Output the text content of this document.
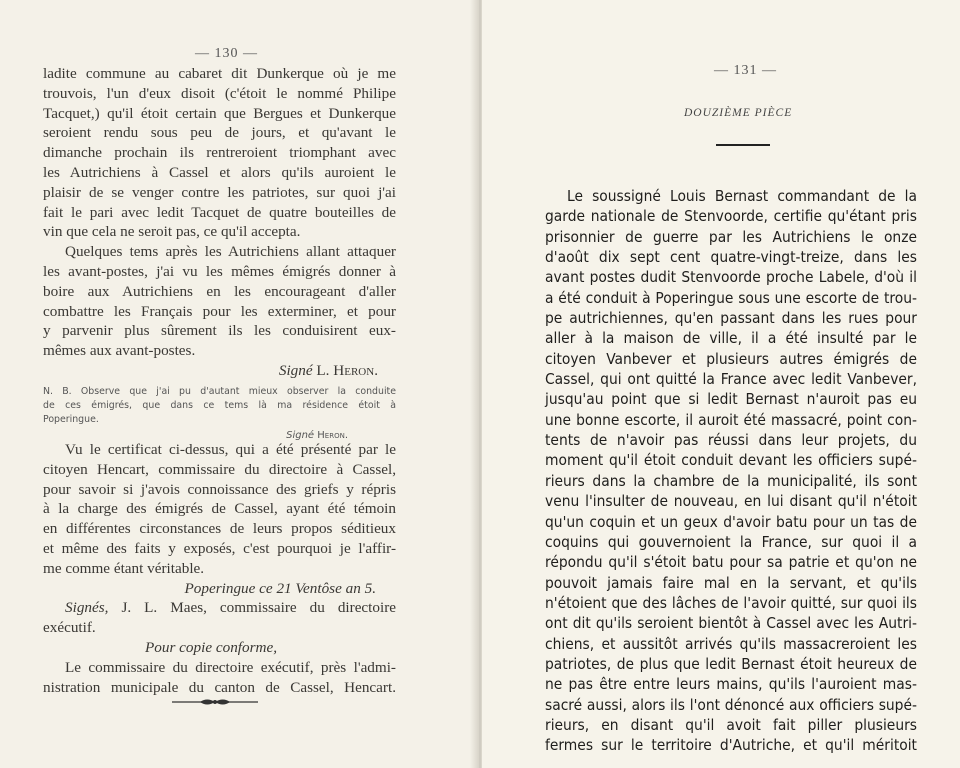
— 130 —
ladite commune au cabaret dit Dunkerque où je me
trouvois, l'un d'eux disoit (c'étoit le nommé Philipe
Tacquet,) qu'il étoit certain que Bergues et Dunkerque
seroient rendu sous peu de jours, et qu'avant le
dimanche prochain ils rentreroient triomphant avec
les Autrichiens à Cassel et alors qu'ils auroient le
plaisir de se venger contre les patriotes, sur quoi j'ai
fait le pari avec ledit Tacquet de quatre bouteilles de
vin que cela ne seroit pas, ce qu'il accepta.
Quelques tems après les Autrichiens allant attaquer
les avant-postes, j'ai vu les mêmes émigrés donner à
boire aux Autrichiens en les encourageant d'aller
combattre les Français pour les exterminer, et pour
y parvenir plus sûrement ils les conduisirent eux-
mêmes aux avant-postes.
Signé L. Heron.
N. B. Observe que j'ai pu d'autant mieux observer la conduite
de ces émigrés, que dans ce tems là ma résidence étoit à
Poperingue.
Signé Heron.
Vu le certificat ci-dessus, qui a été présenté par le
citoyen Hencart, commissaire du directoire à Cassel,
pour savoir si j'avois connoissance des griefs y répris
à la charge des émigrés de Cassel, ayant été témoin
en différentes circonstances de leurs propos séditieux
et même des faits y exposés, c'est pourquoi je l'affir-
me comme étant véritable.
Poperingue ce 21 Ventôse an 5.
Signés, J. L. Maes, commissaire du directoire
exécutif.
Pour copie conforme,
Le commissaire du directoire exécutif, près l'admi-
nistration municipale du canton de Cassel, Hencart.
— 131 —
DOUZIÈME PIÈCE
Le soussigné Louis Bernast commandant de la
garde nationale de Stenvoorde, certifie qu'étant pris
prisonnier de guerre par les Autrichiens le onze
d'août dix sept cent quatre-vingt-treize, dans les
avant postes dudit Stenvoorde proche Labele, d'où il
a été conduit à Poperingue sous une escorte de trou-
pe autrichiennes, qu'en passant dans les rues pour
aller à la maison de ville, il a été insulté par le
citoyen Vanbever et plusieurs autres émigrés de
Cassel, qui ont quitté la France avec ledit Vanbever,
jusqu'au point que si ledit Bernast n'auroit pas eu
une bonne escorte, il auroit été massacré, point con-
tents de n'avoir pas réussi dans leur projets, du
moment qu'il étoit conduit devant les officiers supé-
rieurs dans la chambre de la municipalité, ils sont
venu l'insulter de nouveau, en lui disant qu'il n'étoit
qu'un coquin et un geux d'avoir batu pour un tas de
coquins qui gouvernoient la France, sur quoi il a
répondu qu'il s'étoit batu pour sa patrie et qu'on ne
pouvoit jamais faire mal en la servant, et qu'ils
n'étoient que des lâches de l'avoir quitté, sur quoi ils
ont dit qu'ils seroient bientôt à Cassel avec les Autri-
chiens, et aussitôt arrivés qu'ils massacreroient les
patriotes, de plus que ledit Bernast étoit heureux de
ne pas être entre leurs mains, qu'ils l'auroient mas-
sacré aussi, alors ils l'ont dénoncé aux officiers supé-
rieurs, en disant qu'il avoit fait piller plusieurs
fermes sur le territoire d'Autriche, et qu'il méritoit
